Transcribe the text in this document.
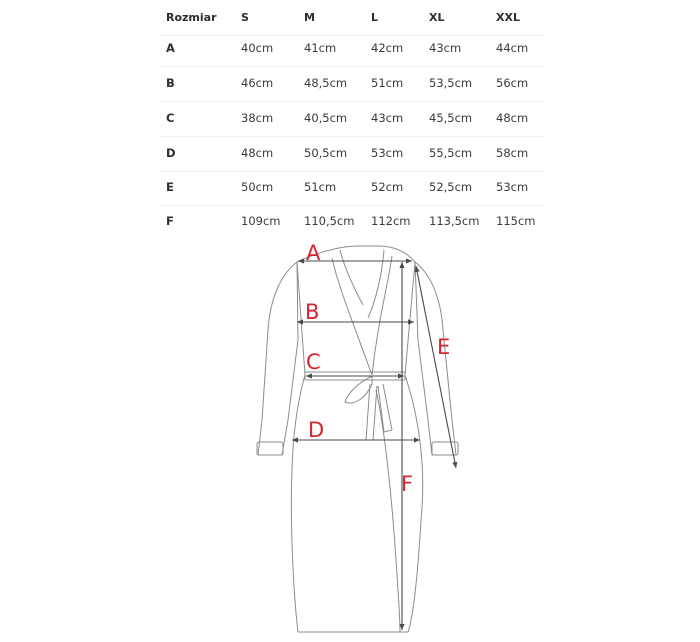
Rozmiar S	M	L	XL	XXL
A	40cm	41cm	42cm 43cm	44cm
B	46cm	48,5cm 51cm 53,5cm 56cm
C	38cm	40,5cm 43cm 45,5cm 48cm
D	48cm	50,5cm 53cm 55,5cm 58cm
E	50cm	51cm	52cm 52,5cm 53cm
F	109cm 110,5cm 112cm 113,5cm 115cm
A
B
C
D
E
F
